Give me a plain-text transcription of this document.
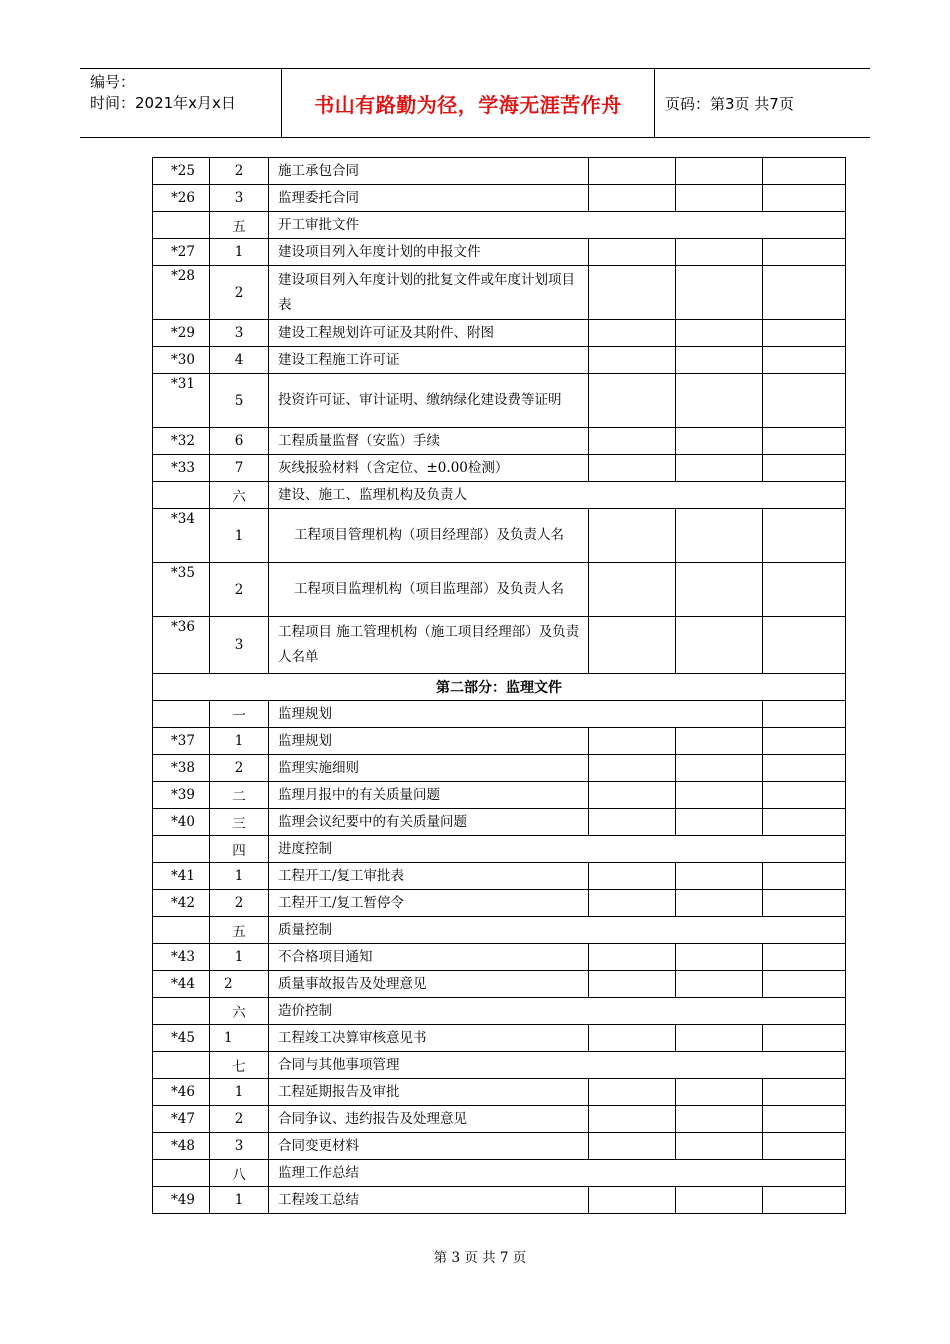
编号：
时间：2021年x月x日	书山有路勤为径，学海无涯苦作舟	页码：第3页 共7页
*25	2	施工承包合同			
*26	3	监理委托合同			
	五	开工审批文件			
*27	1	建设项目列入年度计划的申报文件			
*28	2	建设项目列入年度计划的批复文件或年度计划项目表			
*29	3	建设工程规划许可证及其附件、附图			
*30	4	建设工程施工许可证			
*31	5	投资许可证、审计证明、缴纳绿化建设费等证明			
*32	6	工程质量监督（安监）手续			
*33	7	灰线报验材料（含定位、±0.00检测）			
	六	建设、施工、监理机构及负责人			
*34	1	工程项目管理机构（项目经理部）及负责人名			
*35	2	工程项目监理机构（项目监理部）及负责人名			
*36	3	工程项目 施工管理机构（施工项目经理部）及负责人名单			
第二部分：监理文件					
	一	监理规划			
*37	1	监理规划			
*38	2	监理实施细则			
*39	二	监理月报中的有关质量问题			
*40	三	监理会议纪要中的有关质量问题			
	四	进度控制			
*41	1	工程开工/复工审批表			
*42	2	工程开工/复工暂停令			
	五	质量控制			
*43	1	不合格项目通知			
*44	2	质量事故报告及处理意见			
	六	造价控制			
*45	1	工程竣工决算审核意见书			
	七	合同与其他事项管理			
*46	1	工程延期报告及审批			
*47	2	合同争议、违约报告及处理意见			
*48	3	合同变更材料			
	八	监理工作总结			
*49	1	工程竣工总结			
第 3 页 共 7 页
